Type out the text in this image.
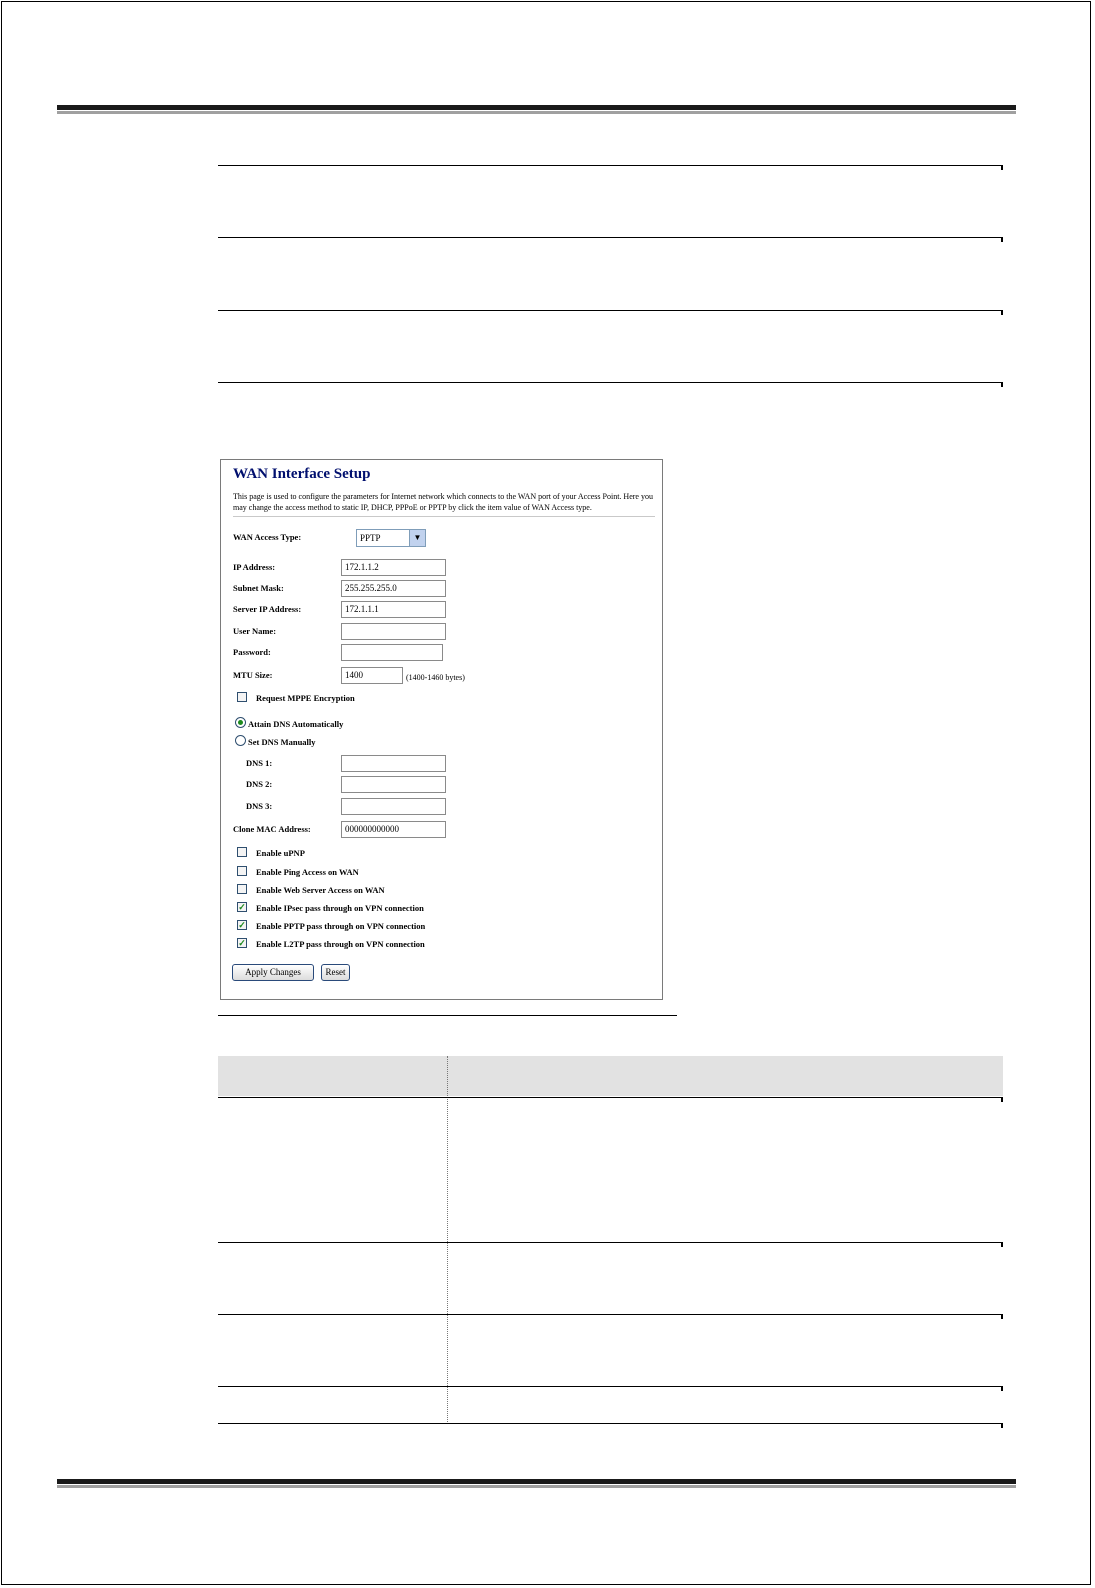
WAN Interface Setup
This page is used to configure the parameters for Internet network which connects to the WAN port of your Access Point. Here you may change the access method to static IP, DHCP, PPPoE or PPTP by click the item value of WAN Access type.
WAN Access Type:	PPTP	▼
IP Address:	172.1.1.2
Subnet Mask:	255.255.255.0
Server IP Address:	172.1.1.1
User Name:
Password:
MTU Size:	1400	(1400-1460 bytes)
Request MPPE Encryption
Attain DNS Automatically
Set DNS Manually
DNS 1:
DNS 2:
DNS 3:
Clone MAC Address:	000000000000
Enable uPNP
Enable Ping Access on WAN
Enable Web Server Access on WAN
✓ Enable IPsec pass through on VPN connection
✓ Enable PPTP pass through on VPN connection
✓ Enable L2TP pass through on VPN connection
Apply Changes	Reset
